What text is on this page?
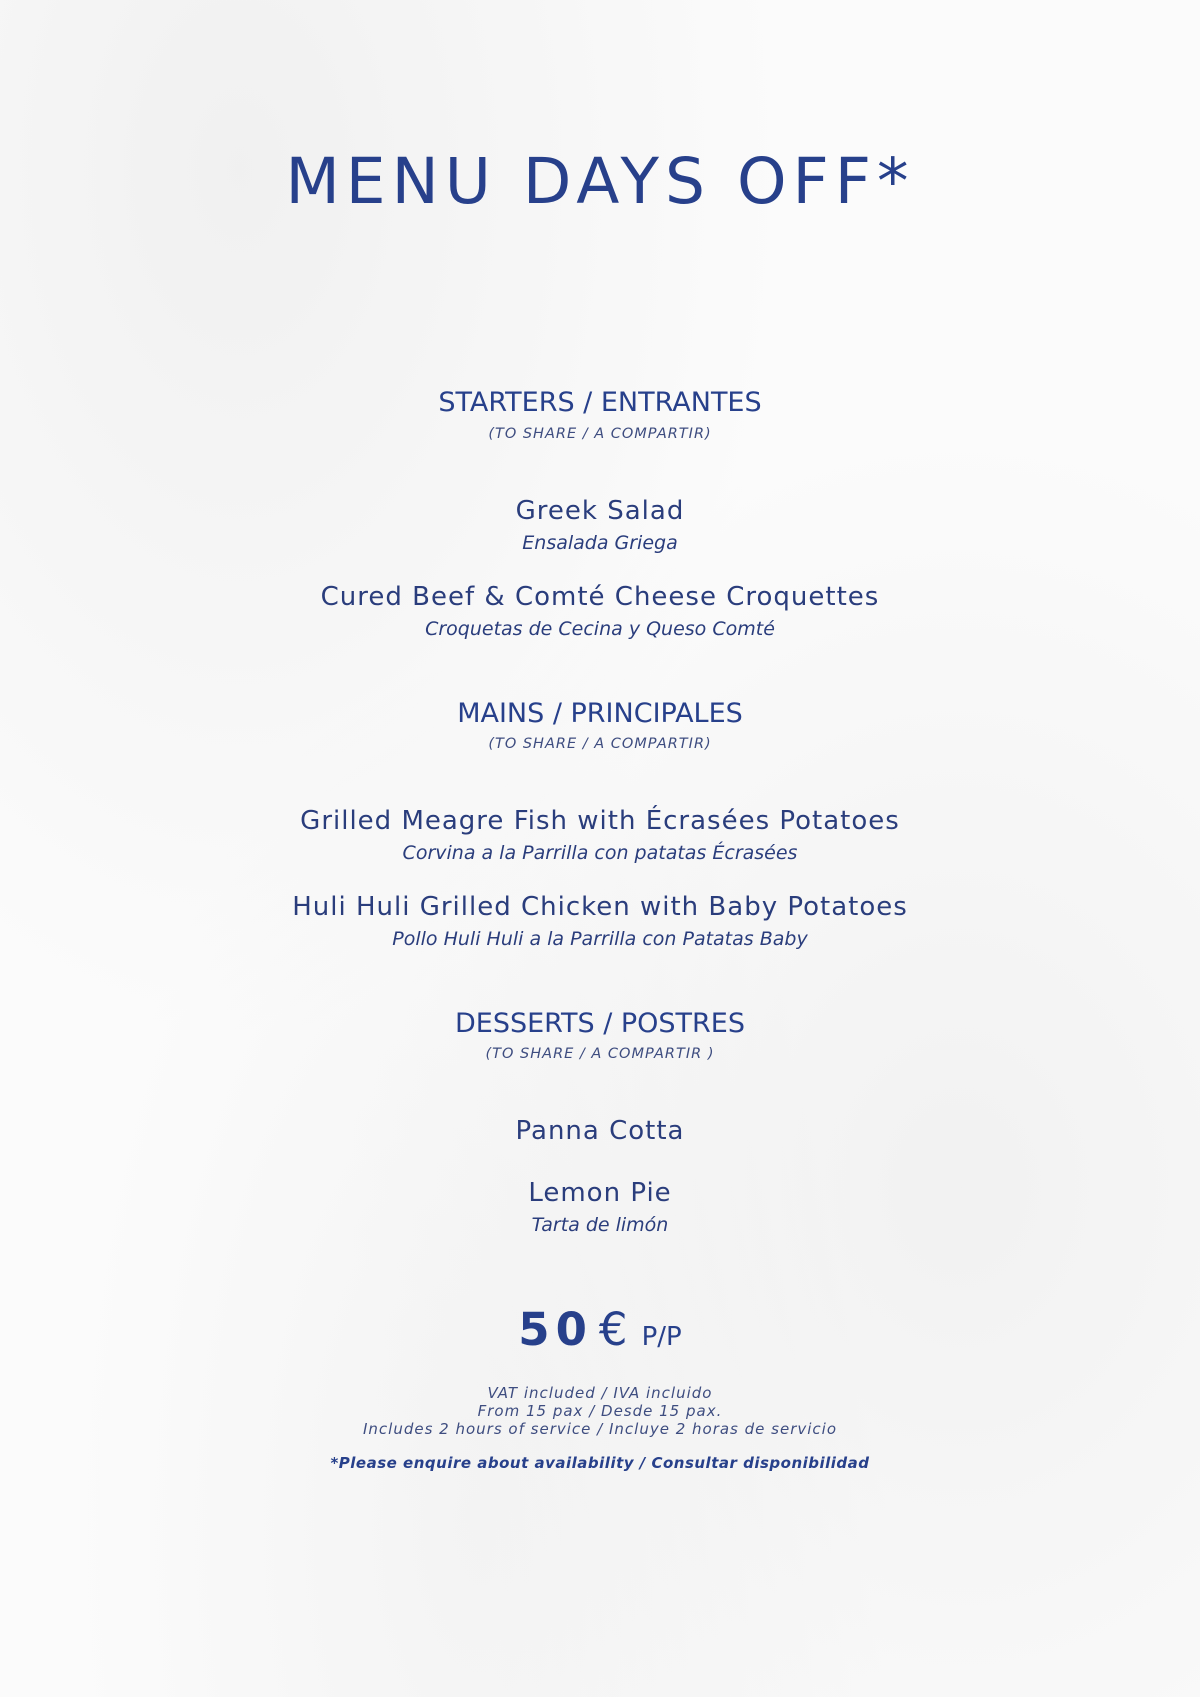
MENU DAYS OFF*
STARTERS / ENTRANTES
(TO SHARE / A COMPARTIR)
Greek Salad
Ensalada Griega
Cured Beef & Comté Cheese Croquettes
Croquetas de Cecina y Queso Comté
MAINS / PRINCIPALES
(TO SHARE / A COMPARTIR)
Grilled Meagre Fish with Écrasées Potatoes
Corvina a la Parrilla con patatas Écrasées
Huli Huli Grilled Chicken with Baby Potatoes
Pollo Huli Huli a la Parrilla con Patatas Baby
DESSERTS / POSTRES
(TO SHARE / A COMPARTIR )
Panna Cotta
Lemon Pie
Tarta de limón
50 € P/P
VAT included / IVA incluido
From 15 pax / Desde 15 pax.
Includes 2 hours of service / Incluye 2 horas de servicio
*Please enquire about availability / Consultar disponibilidad
